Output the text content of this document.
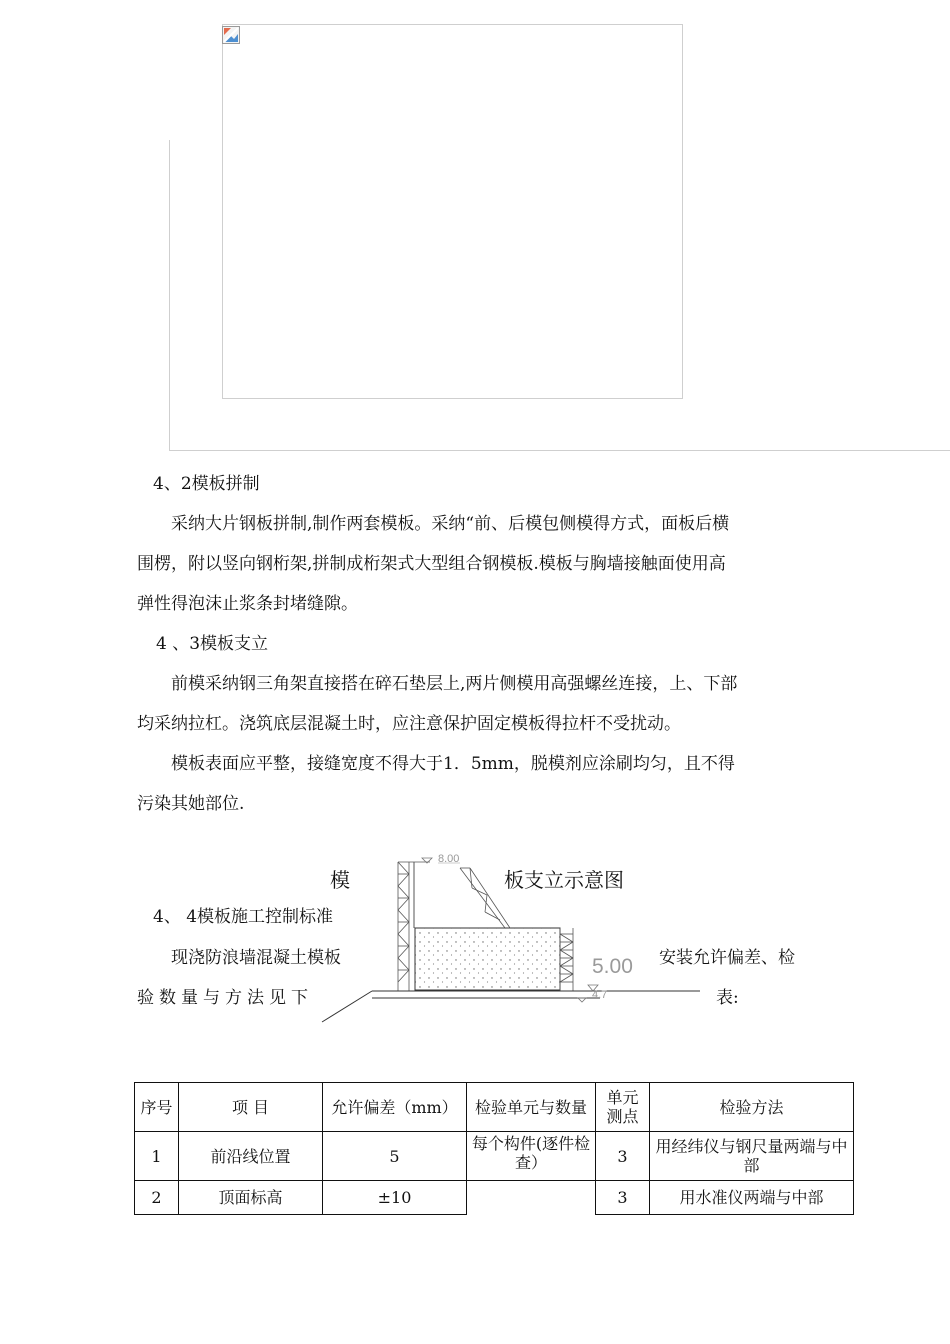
4、2模板拼制
采纳大片钢板拼制,制作两套模板。采纳“前、后模包侧模得方式，面板后横
围楞，附以竖向钢桁架,拼制成桁架式大型组合钢模板.模板与胸墙接触面使用高
弹性得泡沫止浆条封堵缝隙。
4 、3模板支立
前模采纳钢三角架直接搭在碎石垫层上,两片侧模用高强螺丝连接，上、下部
均采纳拉杠。浇筑底层混凝土时，应注意保护固定模板得拉杆不受扰动。
模板表面应平整，接缝宽度不得大于1．5mm，脱模剂应涂刷均匀，且不得
污染其她部位.
8.00
5.00
4.7
模	板支立示意图
4、 4模板施工控制标准
现浇防浪墙混凝土模板	安装允许偏差、检
验数量与方法见下	表:
序号	项 目	允许偏差（mm）	检验单元与数量	单元测点	检验方法
1	前沿线位置	5	每个构件(逐件检查）	3	用经纬仪与钢尺量两端与中部
2	顶面标高	±10		3	用水准仪两端与中部
